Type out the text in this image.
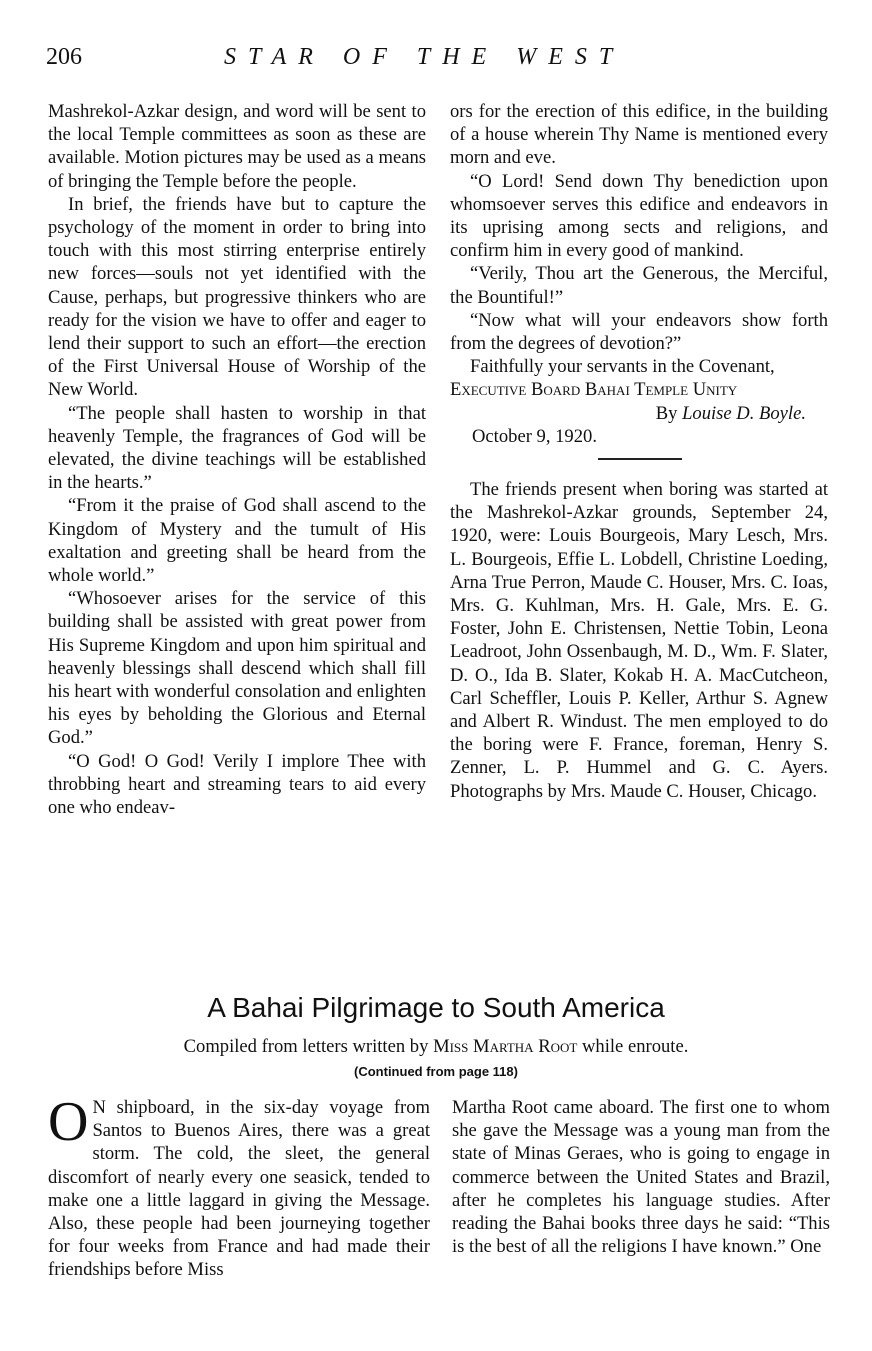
206	STAR OF THE WEST

Mashrekol-Azkar design, and word will be sent to the local Temple committees as soon as these are available. Motion pictures may be used as a means of bringing the Temple before the people.

In brief, the friends have but to capture the psychology of the moment in order to bring into touch with this most stirring enterprise entirely new forces—souls not yet identified with the Cause, perhaps, but progressive thinkers who are ready for the vision we have to offer and eager to lend their support to such an effort—the erection of the First Universal House of Worship of the New World.

“The people shall hasten to worship in that heavenly Temple, the fragrances of God will be elevated, the divine teachings will be established in the hearts.”

“From it the praise of God shall ascend to the Kingdom of Mystery and the tumult of His exaltation and greeting shall be heard from the whole world.”

“Whosoever arises for the service of this building shall be assisted with great power from His Supreme Kingdom and upon him spiritual and heavenly blessings shall descend which shall fill his heart with wonderful consolation and enlighten his eyes by beholding the Glorious and Eternal God.”

“O God! O God! Verily I implore Thee with throbbing heart and streaming tears to aid every one who endeav-

ors for the erection of this edifice, in the building of a house wherein Thy Name is mentioned every morn and eve.

“O Lord! Send down Thy benediction upon whomsoever serves this edifice and endeavors in its uprising among sects and religions, and confirm him in every good of mankind.

“Verily, Thou art the Generous, the Merciful, the Bountiful!”

“Now what will your endeavors show forth from the degrees of devotion?”

Faithfully your servants in the Covenant,

Executive Board Bahai Temple Unity

By Louise D. Boyle.

October 9, 1920.

The friends present when boring was started at the Mashrekol-Azkar grounds, September 24, 1920, were: Louis Bourgeois, Mary Lesch, Mrs. L. Bourgeois, Effie L. Lobdell, Christine Loeding, Arna True Perron, Maude C. Houser, Mrs. C. Ioas, Mrs. G. Kuhlman, Mrs. H. Gale, Mrs. E. G. Foster, John E. Christensen, Nettie Tobin, Leona Leadroot, John Ossenbaugh, M. D., Wm. F. Slater, D. O., Ida B. Slater, Kokab H. A. MacCutcheon, Carl Scheffler, Louis P. Keller, Arthur S. Agnew and Albert R. Windust. The men employed to do the boring were F. France, foreman, Henry S. Zenner, L. P. Hummel and G. C. Ayers. Photographs by Mrs. Maude C. Houser, Chicago.

A Bahai Pilgrimage to South America
Compiled from letters written by Miss Martha Root while enroute.
(Continued from page 118)

O N shipboard, in the six-day voyage from Santos to Buenos Aires, there was a great storm. The cold, the sleet, the general discomfort of nearly every one seasick, tended to make one a little laggard in giving the Message. Also, these people had been journeying together for four weeks from France and had made their friendships before Miss

Martha Root came aboard. The first one to whom she gave the Message was a young man from the state of Minas Geraes, who is going to engage in commerce between the United States and Brazil, after he completes his language studies. After reading the Bahai books three days he said: “This is the best of all the religions I have known.” One
